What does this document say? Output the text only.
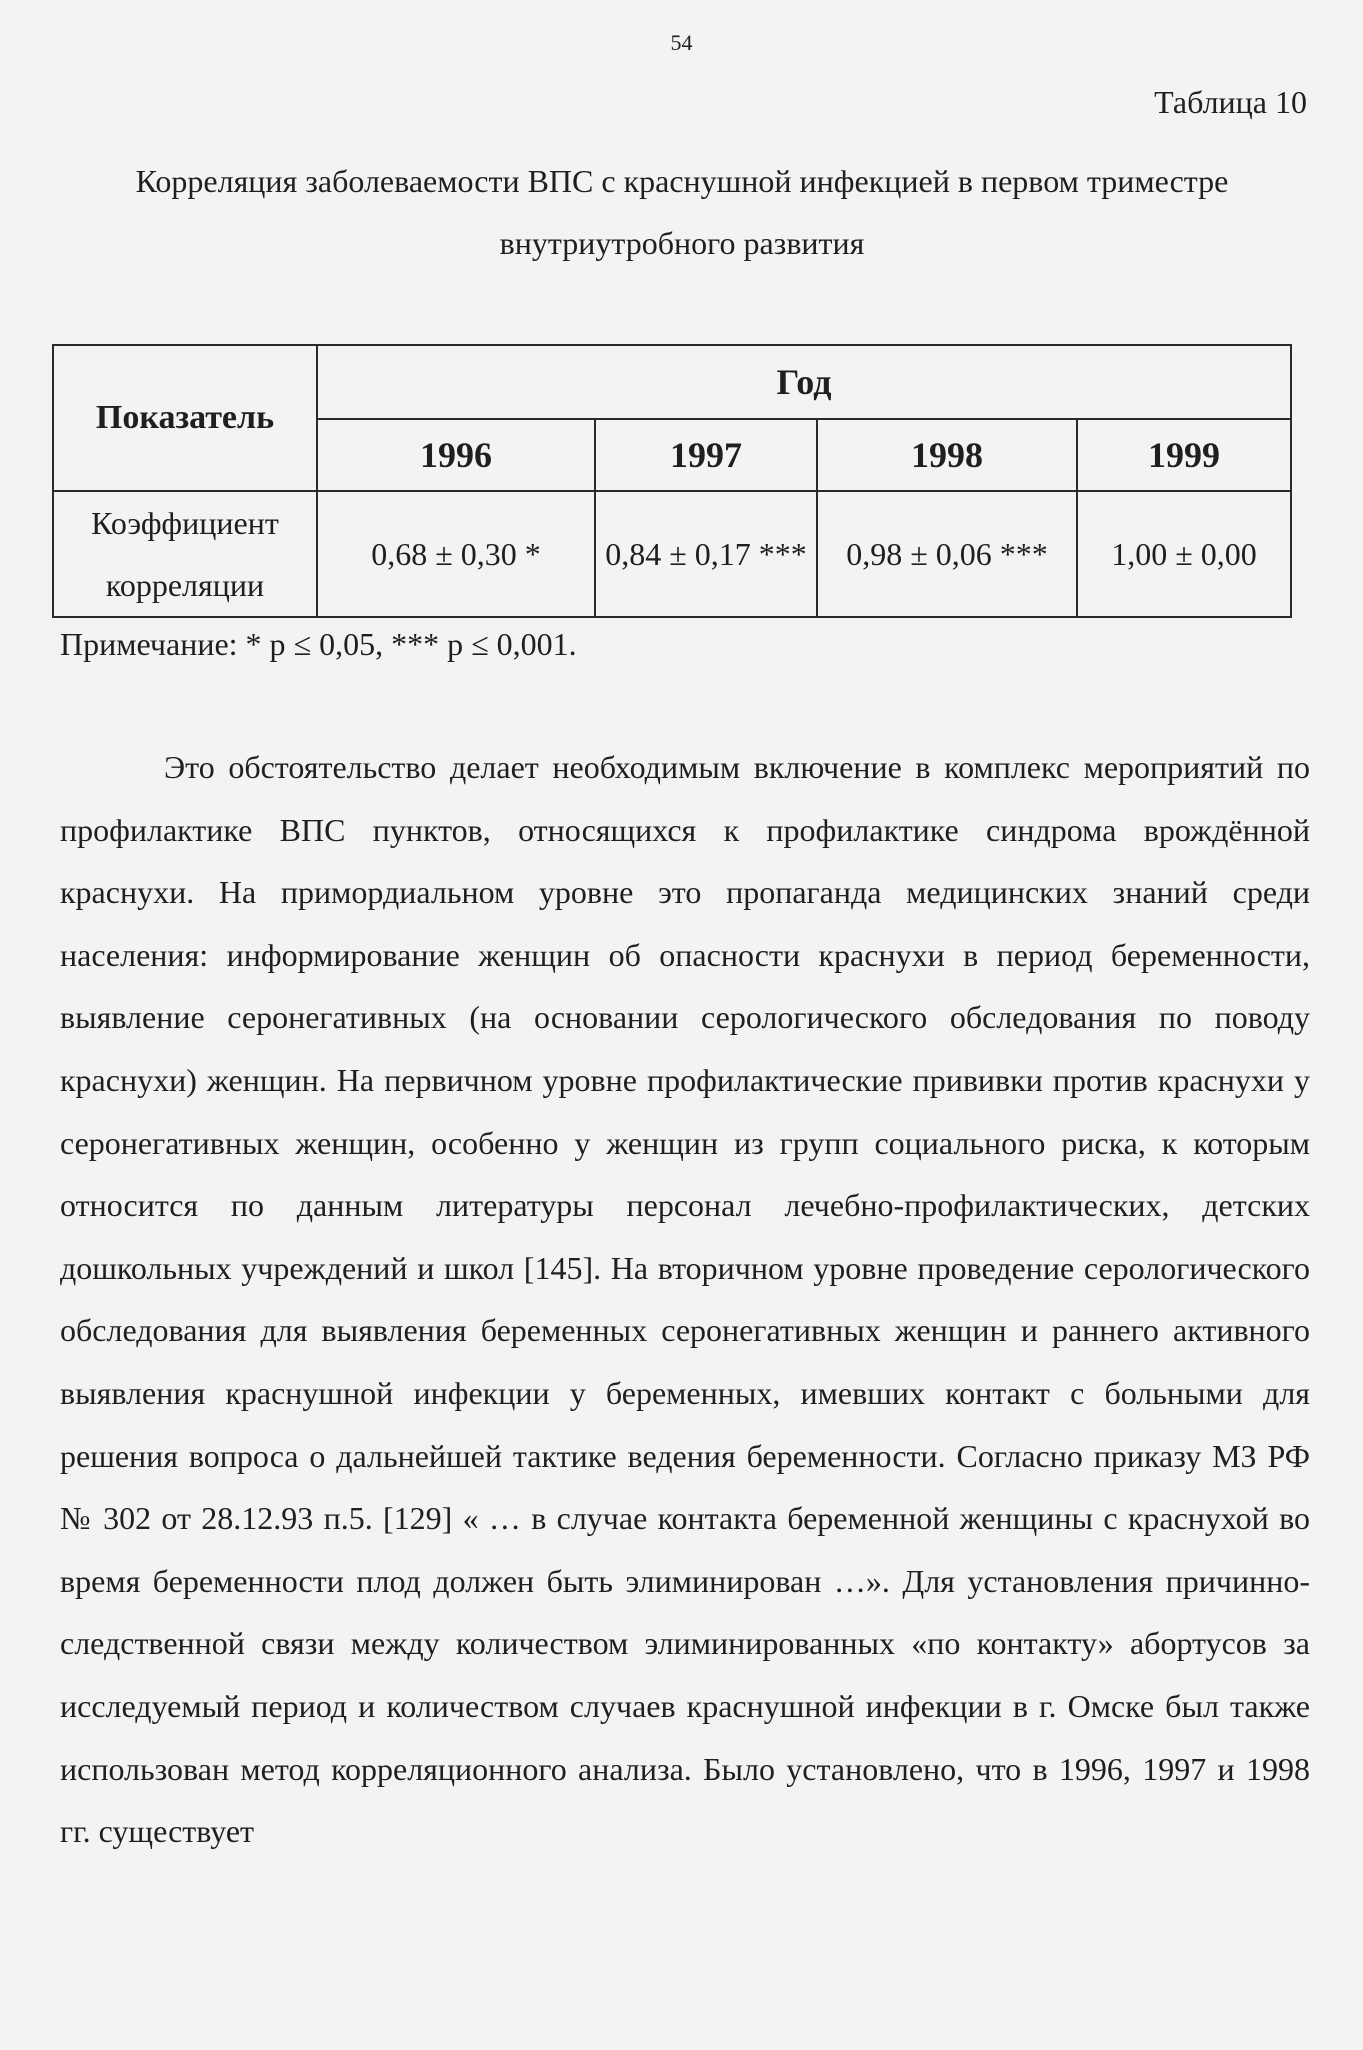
54
Таблица 10
Корреляция заболеваемости ВПС с краснушной инфекцией в первом триместре внутриутробного развития
Показатель	Год			
	1996	1997	1998	1999
Коэффициент корреляции	0,68 ± 0,30 *	0,84 ± 0,17 ***	0,98 ± 0,06 ***	1,00 ± 0,00
Примечание: * p ≤ 0,05, *** p ≤ 0,001.
Это обстоятельство делает необходимым включение в комплекс мероприятий по профилактике ВПС пунктов, относящихся к профилактике синдрома врождённой краснухи. На примордиальном уровне это пропаганда медицинских знаний среди населения: информирование женщин об опасности краснухи в период беременности, выявление серонегативных (на основании серологического обследования по поводу краснухи) женщин. На первичном уровне профилактические прививки против краснухи у серонегативных женщин, особенно у женщин из групп социального риска, к которым относится по данным литературы персонал лечебно-профилактических, детских дошкольных учреждений и школ [145]. На вторичном уровне проведение серологического обследования для выявления беременных серонегативных женщин и раннего активного выявления краснушной инфекции у беременных, имевших контакт с больными для решения вопроса о дальнейшей тактике ведения беременности. Согласно приказу МЗ РФ № 302 от 28.12.93 п.5. [129] « … в случае контакта беременной женщины с краснухой во время беременности плод должен быть элиминирован …». Для установления причинно-следственной связи между количеством элиминированных «по контакту» абортусов за исследуемый период и количеством случаев краснушной инфекции в г. Омске был также использован метод корреляционного анализа. Было установлено, что в 1996, 1997 и 1998 гг. существует
